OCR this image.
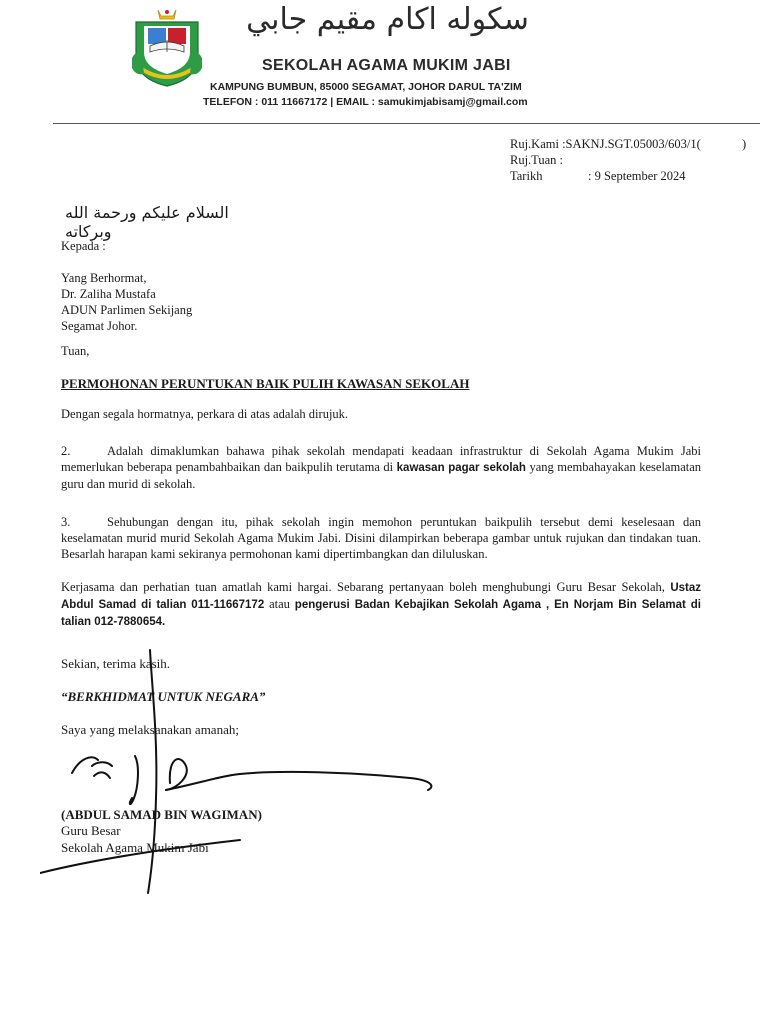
سکوله اکام مقيم جابي
SEKOLAH AGAMA MUKIM JABI
KAMPUNG BUMBUN, 85000 SEGAMAT, JOHOR DARUL TA'ZIM
TELEFON : 011 11667172 | EMAIL : samukimjabisamj@gmail.com
Ruj.Kami :SAKNJ.SGT.05003/603/1(	)
Ruj.Tuan :
Tarikh	: 9 September 2024
السلام عليكم ورحمة الله وبركاته
Kepada :
Yang Berhormat,
Dr. Zaliha Mustafa
ADUN Parlimen Sekijang
Segamat Johor.
Tuan,
PERMOHONAN PERUNTUKAN BAIK PULIH KAWASAN SEKOLAH
Dengan segala hormatnya, perkara di atas adalah dirujuk.

2.	Adalah dimaklumkan bahawa pihak sekolah mendapati keadaan infrastruktur di Sekolah Agama Mukim Jabi memerlukan beberapa penambahbaikan dan baikpulih terutama di kawasan pagar sekolah yang membahayakan keselamatan guru dan murid di sekolah.

3.	Sehubungan dengan itu, pihak sekolah ingin memohon peruntukan baikpulih tersebut demi keselesaan dan keselamatan murid murid Sekolah Agama Mukim Jabi. Disini dilampirkan beberapa gambar untuk rujukan dan tindakan tuan. Besarlah harapan kami sekiranya permohonan kami dipertimbangkan dan diluluskan.

Kerjasama dan perhatian tuan amatlah kami hargai. Sebarang pertanyaan boleh menghubungi Guru Besar Sekolah, Ustaz Abdul Samad di talian 011-11667172 atau pengerusi Badan Kebajikan Sekolah Agama , En Norjam Bin Selamat di talian 012-7880654.

Sekian, terima kasih.
“BERKHIDMAT UNTUK NEGARA”
Saya yang melaksanakan amanah;
(ABDUL SAMAD BIN WAGIMAN)
Guru Besar
Sekolah Agama Mukim Jabi
